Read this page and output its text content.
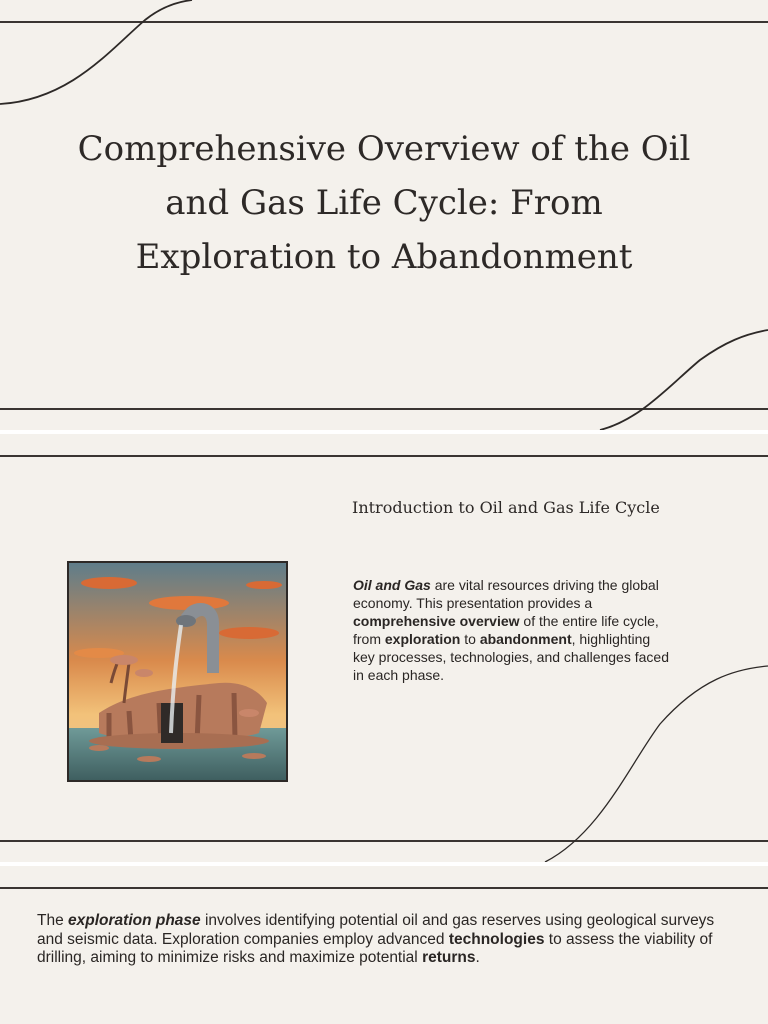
Comprehensive Overview of the Oil and Gas Life Cycle: From Exploration to Abandonment
Introduction to Oil and Gas Life Cycle

Oil and Gas are vital resources driving the global economy. This presentation provides a comprehensive overview of the entire life cycle, from exploration to abandonment, highlighting key processes, technologies, and challenges faced in each phase.

The exploration phase involves identifying potential oil and gas reserves using geological surveys and seismic data. Exploration companies employ advanced technologies to assess the viability of drilling, aiming to minimize risks and maximize potential returns.
